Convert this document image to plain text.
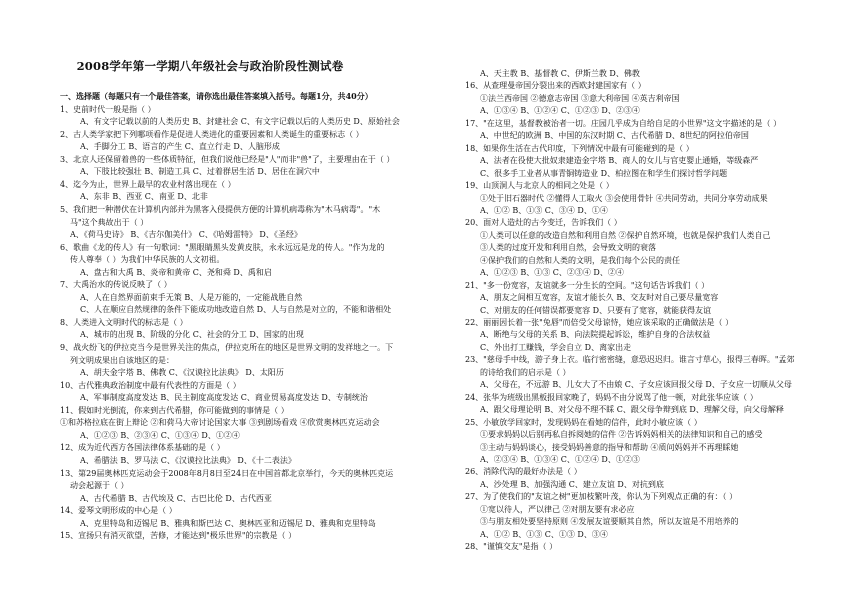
2008学年第一学期八年级社会与政治阶段性测试卷
一、选择题（每题只有一个最佳答案，请你选出最佳答案填入括号。每题1分，共40分）
1、史前时代一般是指（ ）
A、有文字记载以前的人类历史 B、封建社会 C、有文字记载以后的人类历史 D、原始社会
2、古人类学家把下列哪项看作是促进人类进化的重要因素和人类诞生的重要标志（ ）
A、手脚分工 B、语言的产生 C、直立行走 D、人脑形成
3、北京人还保留着兽的一些体质特征，但我们说他已经是"人"而非"兽"了，主要理由在于（ ）
A、下肢比较强壮 B、制造工具 C、过着群居生活 D、居住在洞穴中
4、迄今为止，世界上最早的农业村落出现在（ ）
A、东非 B、西亚 C、南亚 D、北非
5、我们把一种潜伏在计算机内部并为黑客入侵提供方便的计算机病毒称为"木马病毒"。"木
马"这个典故出于（ ）
A、《荷马史诗》 B、《吉尔伽美什》 C、《哈姆雷特》 D、《圣经》
6、歌曲《龙的传人》有一句歌词："黑眼睛黑头发黄皮肤，永永远远是龙的传人。"作为龙的
传人尊奉（ ）为我们中华民族的人文初祖。
A、盘古和大禹 B、炎帝和黄帝 C、尧和舜 D、禹和启
7、大禹治水的传说反映了（ ）
A、人在自然界面前束手无策 B、人是万能的，一定能战胜自然
C、人在顺应自然规律的条件下能成功地改造自然 D、人与自然是对立的，不能和谐相处
8、人类进入文明时代的标志是（ ）
A、城市的出现 B、阶级的分化 C、社会的分工 D、国家的出现
9、战火纷飞的伊拉克当今是世界关注的焦点，伊拉克所在的地区是世界文明的发祥地之一。下
列文明成果出自该地区的是：
A、胡夫金字塔 B、佛教 C、《汉谟拉比法典》 D、太阳历
10、古代雅典政治制度中最有代表性的方面是（ ）
A、军事制度高度发达 B、民主制度高度发达 C、商业贸易高度发达 D、专制统治
11、假如时光倒流，你来到古代希腊，你可能做到的事情是（ ）
①和苏格拉底在街上辩论 ②和荷马大帝讨论国家大事 ③到剧场看戏 ④欣赏奥林匹克运动会
A、①②③ B、②③④ C、①③④ D、①②④
12、成为近代西方各国法律体系基础的是（ ）
A、希腊法 B、罗马法 C、《汉谟拉比法典》 D、《十二表法》
13、第29届奥林匹克运动会于2008年8月8日至24日在中国首都北京举行，今天的奥林匹克运
动会起源于（ ）
A、古代希腊 B、古代埃及 C、古巴比伦 D、古代西亚
14、爱琴文明形成的中心是（ ）
A、克里特岛和迈锡尼 B、雅典和斯巴达 C、奥林匹亚和迈锡尼 D、雅典和克里特岛
15、宣扬只有消灭欲望，苦修，才能达到"极乐世界"的宗教是（ ）
A、天主教 B、基督教 C、伊斯兰教 D、佛教
16、从查理曼帝国分裂出来的西欧封建国家有（ ）
①法兰西帝国 ②德意志帝国 ③意大利帝国 ④英吉利帝国
A、①③④ B、①②④ C、①②③ D、②③④
17、"在这里，基督教被治者一切。庄园几乎成为自给自足的小世界"这文字描述的是（ ）
A、中世纪的欧洲 B、中国的东汉时期 C、古代希腊 D、8世纪的阿拉伯帝国
18、如果你生活在古代印度，下列情况中最有可能碰到的是（ ）
A、法者在役使大批奴隶建造金字塔 B、商人的女儿与官吏婴止通婚，等级森严
C、很多手工业者从事青铜铸造业 D、柏拉图在和学生们探讨哲学问题
19、山顶洞人与北京人的相同之处是（ ）
①处于旧石器时代 ②懂得人工取火 ③会使用骨针 ④共同劳动，共同分享劳动成果
A、①② B、①③ C、③④ D、①④
20、面对人造灶的古今变迁，告诉我们（ ）
①人类可以任意的改造自然和利用自然 ②保护自然环境，也就是保护我们人类自己
③人类的过度开发和利用自然，会导致文明的衰落
④保护我们的自然和人类的文明，是我们每个公民的责任
A、①②③ B、①③ C、②③④ D、②④
21、"多一份宽容，友谊就多一分生长的空间。"这句话告诉我们（ ）
A、朋友之间相互宽容，友谊才能长久 B、交友时对自己要尽量宽容
C、对朋友的任何错误都要宽容 D、只要有了宽容，就能获得友谊
22、丽丽因长着一张"兔唇"而倍受父母谅恃，她应该采取的正确做法是（ ）
A、断绝与父母的关系 B、向法院提起诉讼，维护自身的合法权益
C、外出打工赚钱，学会自立 D、离家出走
23、"慈母手中线，游子身上衣。临行密密缝，意恐迟迟归。谁言寸草心，报得三春晖。"孟郊
的诗给我们的启示是（ ）
A、父母在，不远游 B、儿女大了不由娘 C、子女应该回报父母 D、子女应一切顺从父母
24、张华为班级出黑板报回家晚了，妈妈不由分说骂了他一顿，对此张华应该（ ）
A、跟父母理论明 B、对父母不理不睬 C、跟父母争辩到底 D、理解父母，向父母解释
25、小敏放学回家时，发现妈妈在看她的信件，此时小敏应该（ ）
①要求妈妈以后别再私自拆阅她的信件 ②告诉妈妈相关的法律知识和自己的感受
③主动与妈妈谈心，接受妈妈善意的指导和帮助 ④质问妈妈并不再理睬她
A、②③④ B、①③④ C、①②④ D、①②③
26、消除代沟的最好办法是（ ）
A、沙处理 B、加强沟通 C、建立友谊 D、对抗到底
27、为了使我们的"友谊之树"更加枝繁叶茂，你认为下列观点正确的有：（ ）
①宽以待人，严以律己 ②对朋友要有求必应
③与朋友相处要坚持原则 ④发展友谊要顺其自然，所以友谊是不用培养的
A、①② B、①③ C、①③ D、③④
28、"谨慎交友"是指（ ）
